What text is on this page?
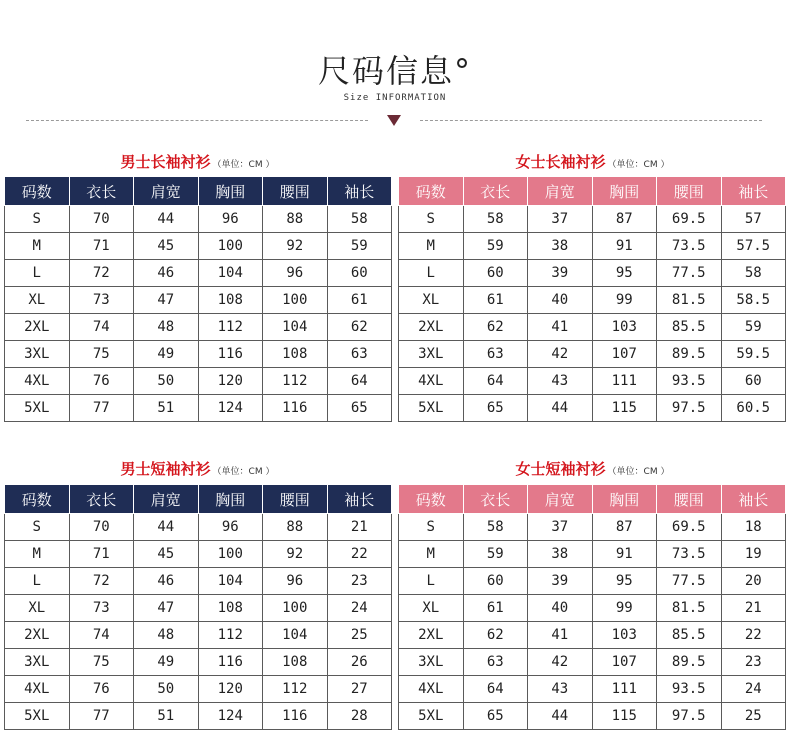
尺码信息°
Size INFORMATION
男士长袖衬衫 （单位：CM ）
码数	衣长	肩宽	胸围	腰围	袖长
S	70	44	96	88	58
M	71	45	100	92	59
L	72	46	104	96	60
XL	73	47	108	100	61
2XL	74	48	112	104	62
3XL	75	49	116	108	63
4XL	76	50	120	112	64
5XL	77	51	124	116	65
女士长袖衬衫 （单位：CM ）
码数	衣长	肩宽	胸围	腰围	袖长
S	58	37	87	69.5	57
M	59	38	91	73.5	57.5
L	60	39	95	77.5	58
XL	61	40	99	81.5	58.5
2XL	62	41	103	85.5	59
3XL	63	42	107	89.5	59.5
4XL	64	43	111	93.5	60
5XL	65	44	115	97.5	60.5
男士短袖衬衫 （单位：CM ）
码数	衣长	肩宽	胸围	腰围	袖长
S	70	44	96	88	21
M	71	45	100	92	22
L	72	46	104	96	23
XL	73	47	108	100	24
2XL	74	48	112	104	25
3XL	75	49	116	108	26
4XL	76	50	120	112	27
5XL	77	51	124	116	28
女士短袖衬衫 （单位：CM ）
码数	衣长	肩宽	胸围	腰围	袖长
S	58	37	87	69.5	18
M	59	38	91	73.5	19
L	60	39	95	77.5	20
XL	61	40	99	81.5	21
2XL	62	41	103	85.5	22
3XL	63	42	107	89.5	23
4XL	64	43	111	93.5	24
5XL	65	44	115	97.5	25
